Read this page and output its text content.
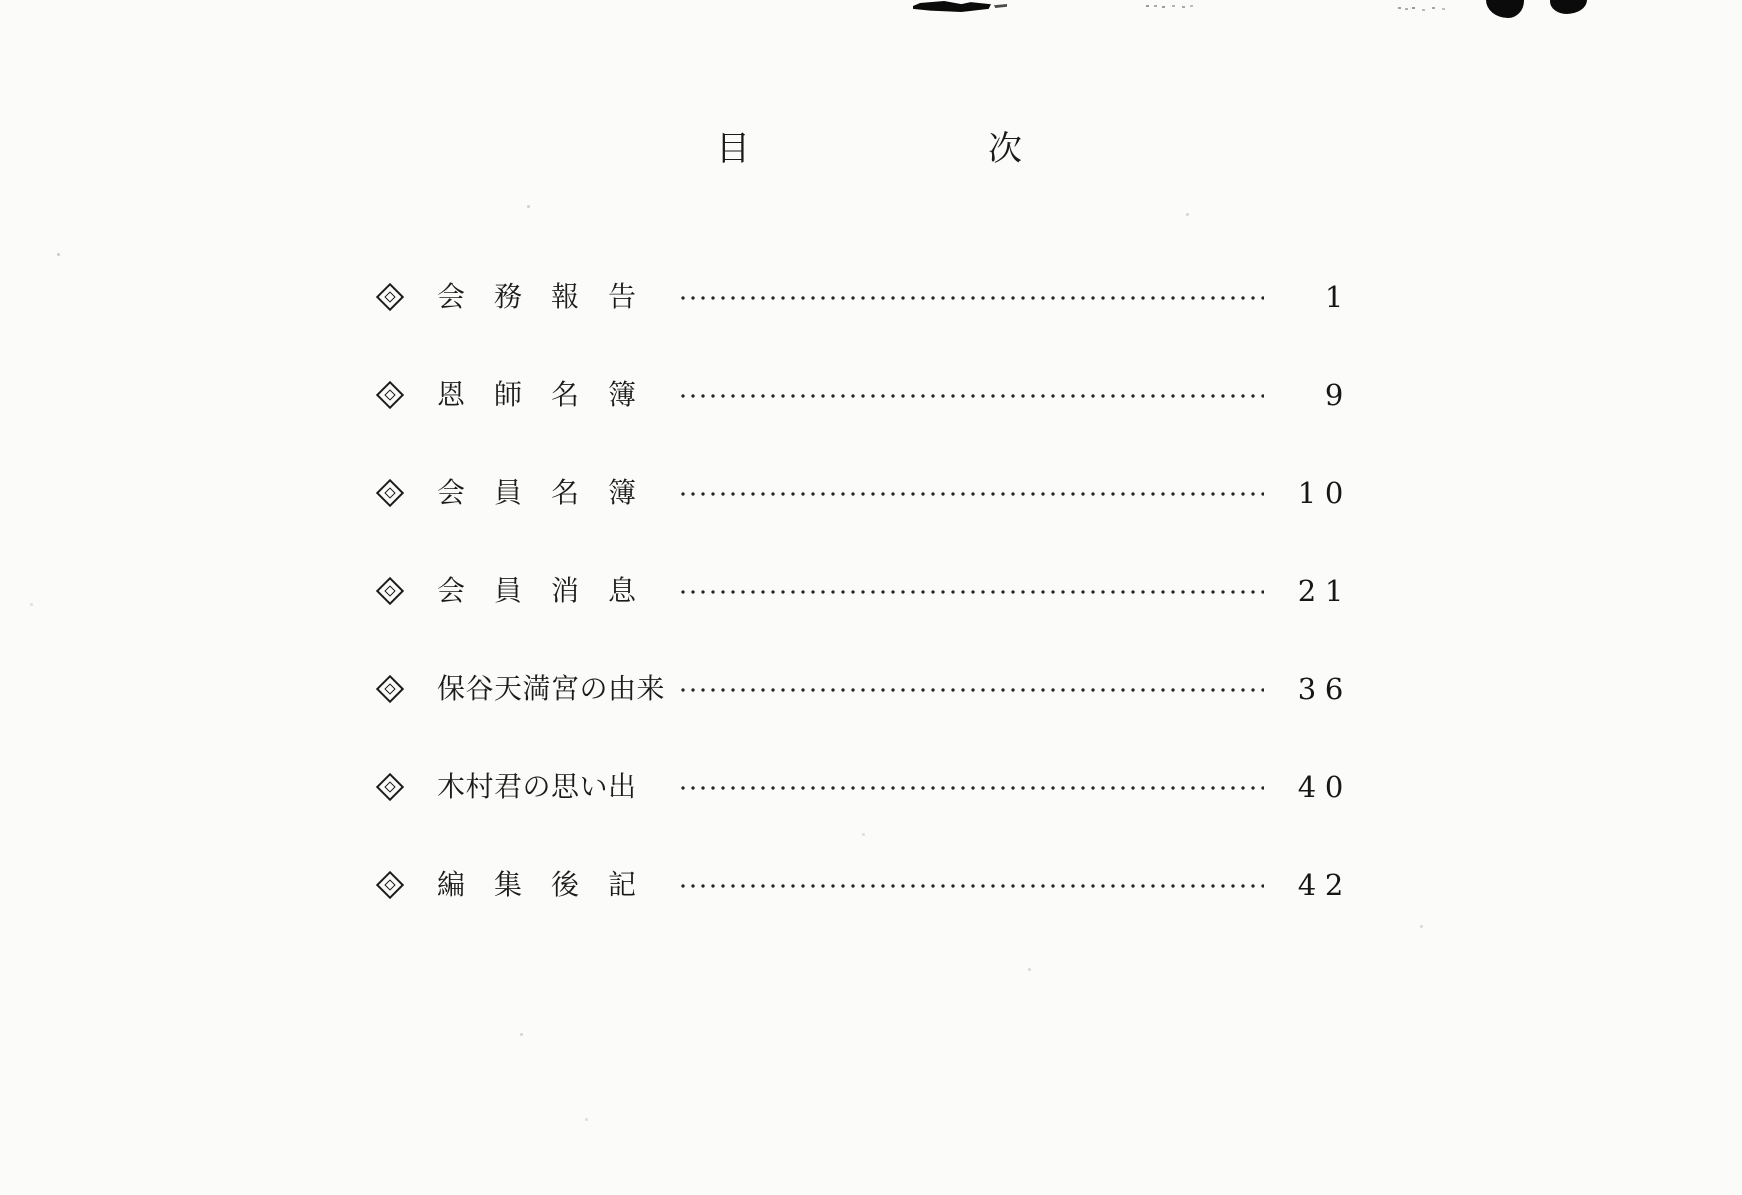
目　　　　　　　次
会　務　報　告	1
恩　師　名　簿	9
会　員　名　簿	10
会　員　消　息	21
保谷天満宮の由来	36
木村君の思い出	40
編　集　後　記	42
